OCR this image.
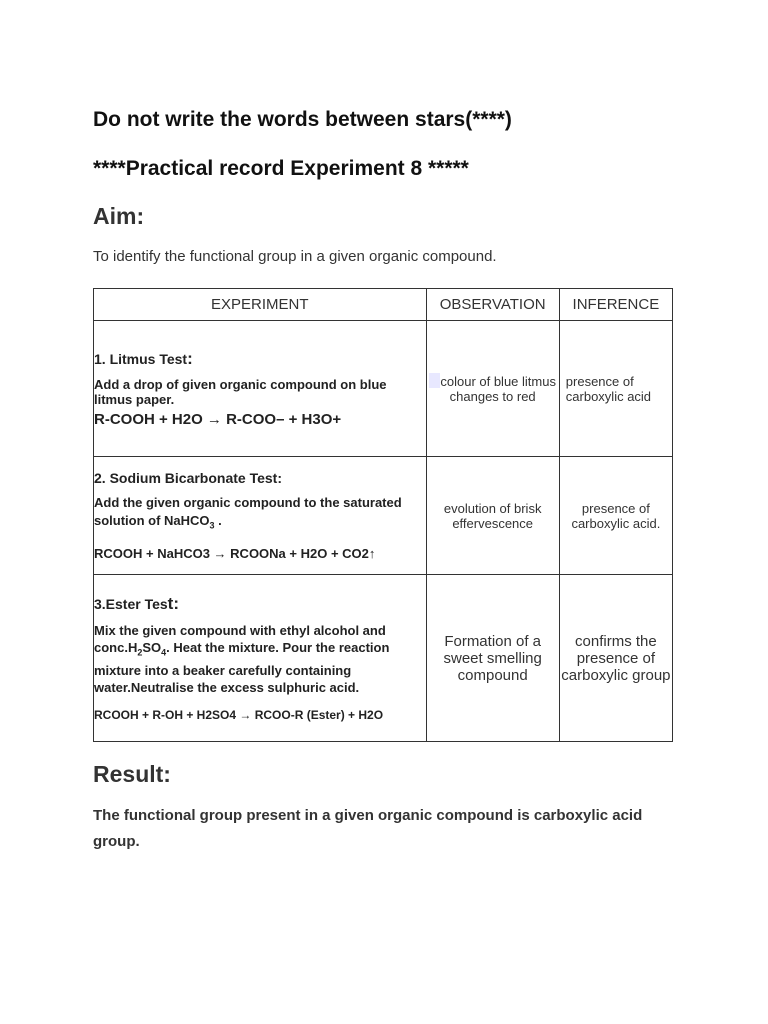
Do not write the words between stars(****)

****Practical record Experiment 8 *****

Aim:

To identify the functional group in a given organic compound.

EXPERIMENT	OBSERVATION	INFERENCE

1. Litmus Test:

Add a drop of given organic compound on blue litmus paper.

R-COOH + H2O → R-COO– + H3O+	colour of blue litmus changes to red	presence of carboxylic acid

2. Sodium Bicarbonate Test:

Add the given organic compound to the saturated solution of NaHCO$_3$ .

RCOOH + NaHCO3 → RCOONa + H2O + CO2↑	evolution of brisk effervescence	presence of carboxylic acid.

3.Ester Test:

Mix the given compound with ethyl alcohol and $conc.H_2SO_4$. Heat the mixture. Pour the reaction mixture into a beaker carefully containing water.Neutralise the excess sulphuric acid.

RCOOH + R-OH + H2SO4 → RCOO-R (Ester) + H2O	Formation of a sweet smelling compound	confirms the presence of carboxylic group

Result:

The functional group present in a given organic compound is carboxylic acid group.
